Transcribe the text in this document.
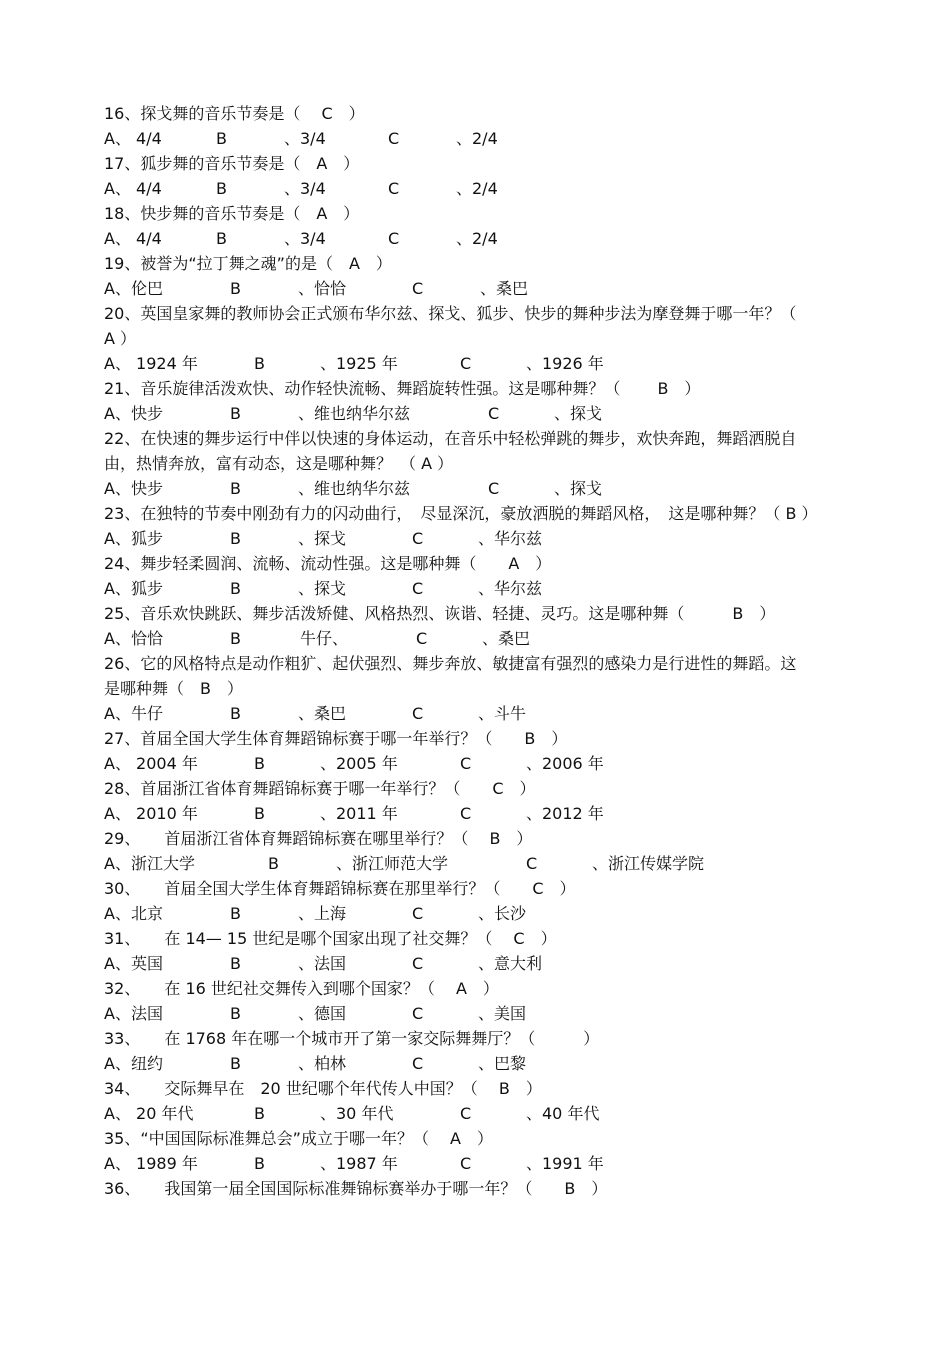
16、探戈舞的音乐节奏是（　 C　）
A、 4/4	B	、3/4	C	、2/4
17、狐步舞的音乐节奏是（　A　）
A、 4/4	B	、3/4	C	、2/4
18、快步舞的音乐节奏是（　A　）
A、 4/4	B	、3/4	C	、2/4
19、被誉为“拉丁舞之魂”的是（　A　）
A、伦巴	B	、恰恰	C	、桑巴
20、英国皇家舞的教师协会正式颁布华尔兹、探戈、狐步、快步的舞种步法为摩登舞于哪一年？（ A ）
A、 1924 年	B	、1925 年	C	、1926 年
21、音乐旋律活泼欢快、动作轻快流畅、舞蹈旋转性强。这是哪种舞？（　　 B　）
A、快步	B	、维也纳华尔兹	C	、探戈
22、在快速的舞步运行中伴以快速的身体运动，在音乐中轻松弹跳的舞步，欢快奔跑，舞蹈洒脱自由，热情奔放，富有动态，这是哪种舞？　（ A ）
A、快步	B	、维也纳华尔兹	C	、探戈
23、在独特的节奏中刚劲有力的闪动曲行，　尽显深沉，豪放洒脱的舞蹈风格，　这是哪种舞？（ B ）
A、狐步	B	、探戈	C	、华尔兹
24、舞步轻柔圆润、流畅、流动性强。这是哪种舞（　　A　）
A、狐步	B	、探戈	C	、华尔兹
25、音乐欢快跳跃、舞步活泼矫健、风格热烈、诙谐、轻捷、灵巧。这是哪种舞（　　　B　）
A、恰恰	B	牛仔、	C	、桑巴
26、它的风格特点是动作粗犷、起伏强烈、舞步奔放、敏捷富有强烈的感染力是行进性的舞蹈。这是哪种舞（　B　）
A、牛仔	B	、桑巴	C	、斗牛
27、首届全国大学生体育舞蹈锦标赛于哪一年举行？（　　B　）
A、 2004 年	B	、2005 年	C	、2006 年
28、首届浙江省体育舞蹈锦标赛于哪一年举行？（　　C　）
A、 2010 年	B	、2011 年	C	、2012 年
29、　　首届浙江省体育舞蹈锦标赛在哪里举行？（　 B　）
A、浙江大学	B	、浙江师范大学	C	、浙江传媒学院
30、　　首届全国大学生体育舞蹈锦标赛在那里举行？（　　C　）
A、北京	B	、上海	C	、长沙
31、　　在 14— 15 世纪是哪个国家出现了社交舞？（　 C　）
A、英国	B	、法国	C	、意大利
32、　　在 16 世纪社交舞传入到哪个国家？（　 A　）
A、法国	B	、德国	C	、美国
33、　　在 1768 年在哪一个城市开了第一家交际舞舞厅？（　　　）
A、纽约	B	、柏林	C	、巴黎
34、　　交际舞早在　20 世纪哪个年代传人中国？（　 B　）
A、 20 年代	B	、30 年代	C	、40 年代
35、“中国国际标准舞总会”成立于哪一年？（　 A　）
A、 1989 年	B	、1987 年	C	、1991 年
36、　　我国第一届全国国际标准舞锦标赛举办于哪一年？（　　B　）
